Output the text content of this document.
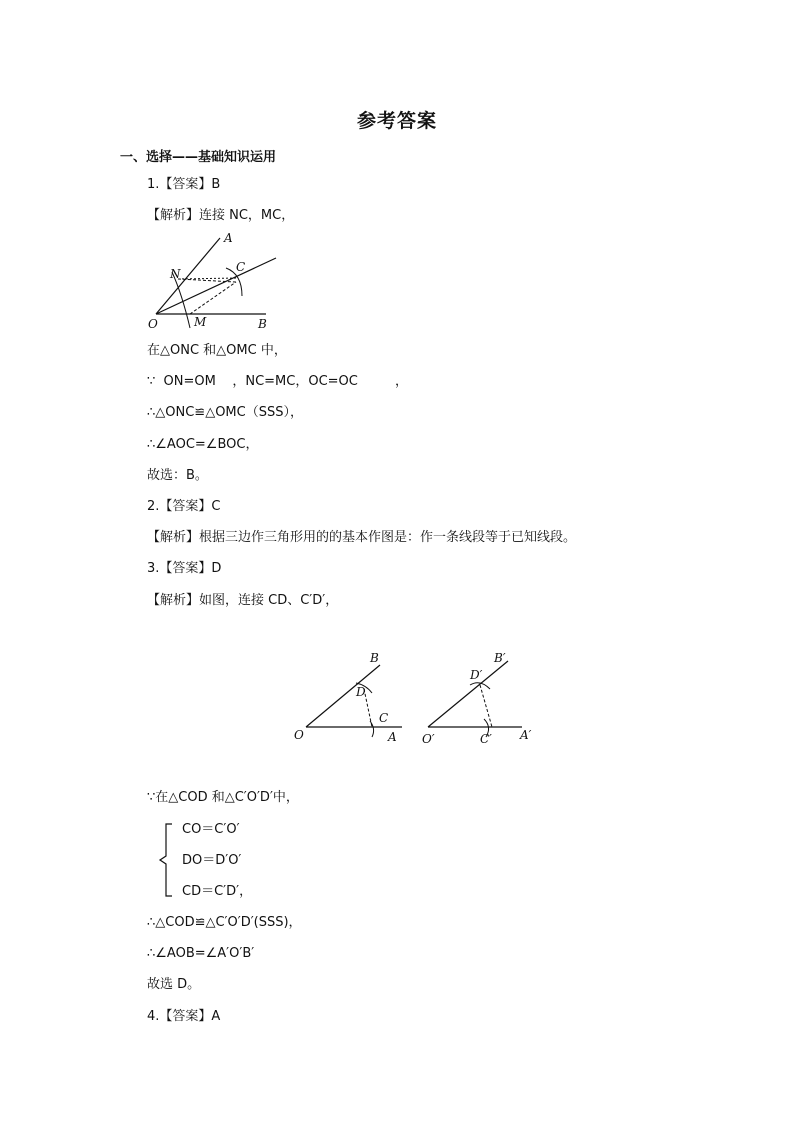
参考答案
一、选择——基础知识运用
1.【答案】B
【解析】连接 NC，MC，
A
C
N
O	M	B
在△ONC 和△OMC 中，
∵  ON=OM    ，NC=MC，OC=OC         ，
∴△ONC≌△OMC（SSS），
∴∠AOC=∠BOC，
故选：B。
2.【答案】C
【解析】根据三边作三角形用的的基本作图是：作一条线段等于已知线段。
3.【答案】D
【解析】如图，连接 CD、C′D′，
B
D
C
O	A
B′
D′
O′	C′ A′
∵在△COD 和△C′O′D′中，
CO＝C′O′
DO＝D′O′
CD＝C′D′，
∴△COD≌△C′O′D′(SSS)，
∴∠AOB=∠A′O′B′
故选 D。
4.【答案】A
